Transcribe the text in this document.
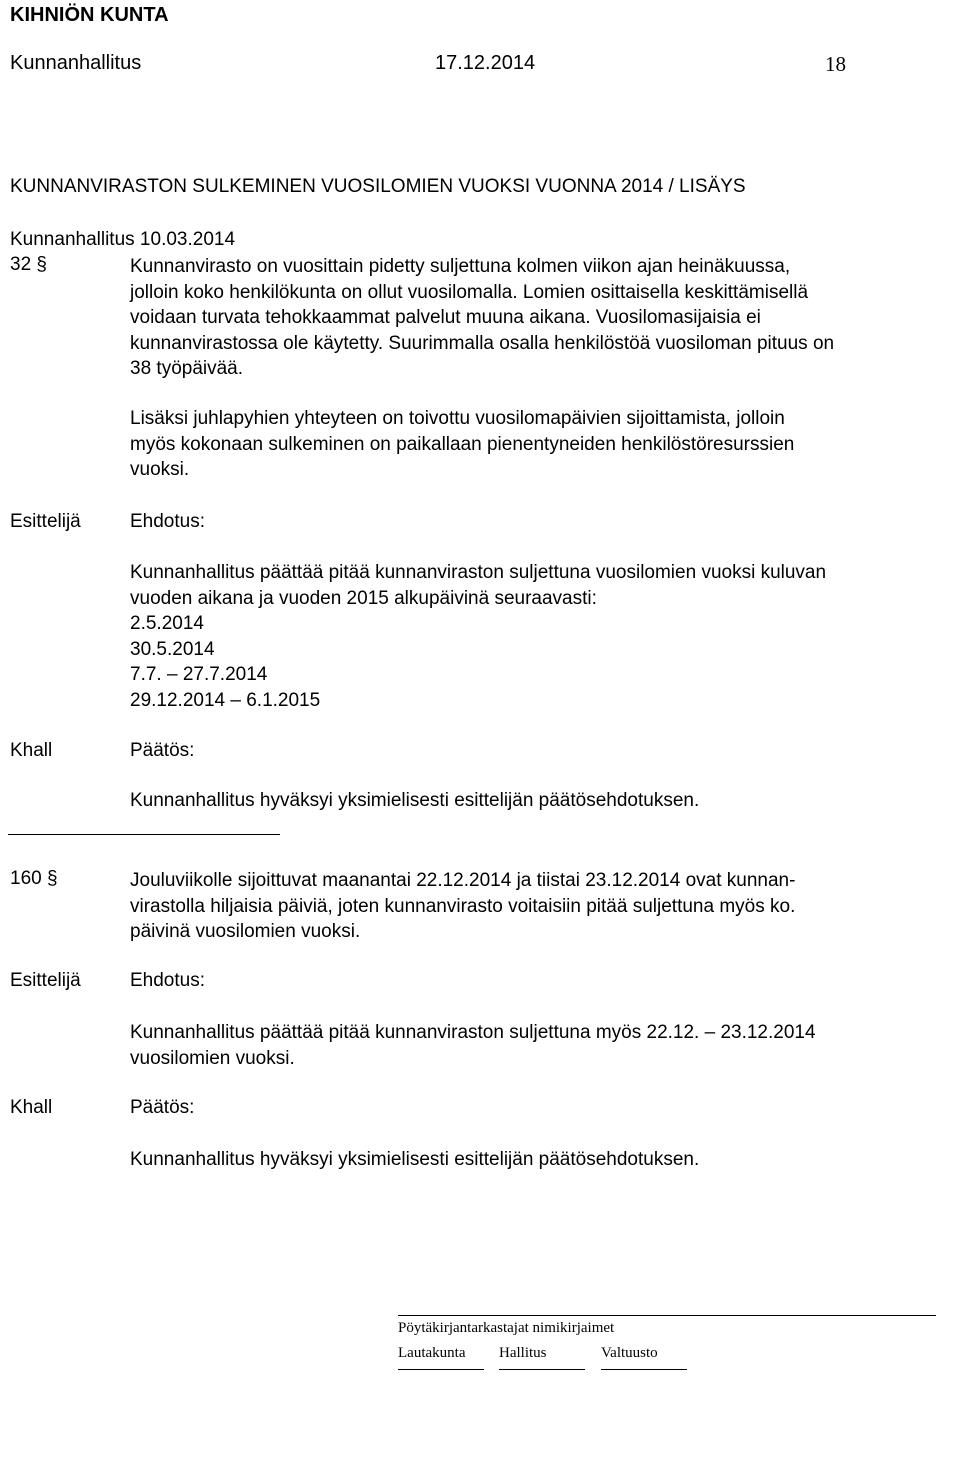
KIHNIÖN KUNTA
Kunnanhallitus	17.12.2014	18
KUNNANVIRASTON SULKEMINEN VUOSILOMIEN VUOKSI VUONNA 2014 / LISÄYS
Kunnanhallitus 10.03.2014
32 §	Kunnanvirasto on vuosittain pidetty suljettuna kolmen viikon ajan heinäkuussa,
jolloin koko henkilökunta on ollut vuosilomalla. Lomien osittaisella keskittämisellä
voidaan turvata tehokkaammat palvelut muuna aikana. Vuosilomasijaisia ei
kunnanvirastossa ole käytetty. Suurimmalla osalla henkilöstöä vuosiloman pituus on
38 työpäivää.
Lisäksi juhlapyhien yhteyteen on toivottu vuosilomapäivien sijoittamista, jolloin
myös kokonaan sulkeminen on paikallaan pienentyneiden henkilöstöresurssien
vuoksi.
Esittelijä	Ehdotus:
Kunnanhallitus päättää pitää kunnanviraston suljettuna vuosilomien vuoksi kuluvan
vuoden aikana ja vuoden 2015 alkupäivinä seuraavasti:
2.5.2014
30.5.2014
7.7. – 27.7.2014
29.12.2014 – 6.1.2015
Khall	Päätös:
Kunnanhallitus hyväksyi yksimielisesti esittelijän päätösehdotuksen.
160 §	Jouluviikolle sijoittuvat maanantai 22.12.2014 ja tiistai 23.12.2014 ovat kunnan-
virastolla hiljaisia päiviä, joten kunnanvirasto voitaisiin pitää suljettuna myös ko.
päivinä vuosilomien vuoksi.
Esittelijä	Ehdotus:
Kunnanhallitus päättää pitää kunnanviraston suljettuna myös 22.12. – 23.12.2014
vuosilomien vuoksi.
Khall	Päätös:
Kunnanhallitus hyväksyi yksimielisesti esittelijän päätösehdotuksen.
Pöytäkirjantarkastajat nimikirjaimet
Lautakunta Hallitus	Valtuusto
